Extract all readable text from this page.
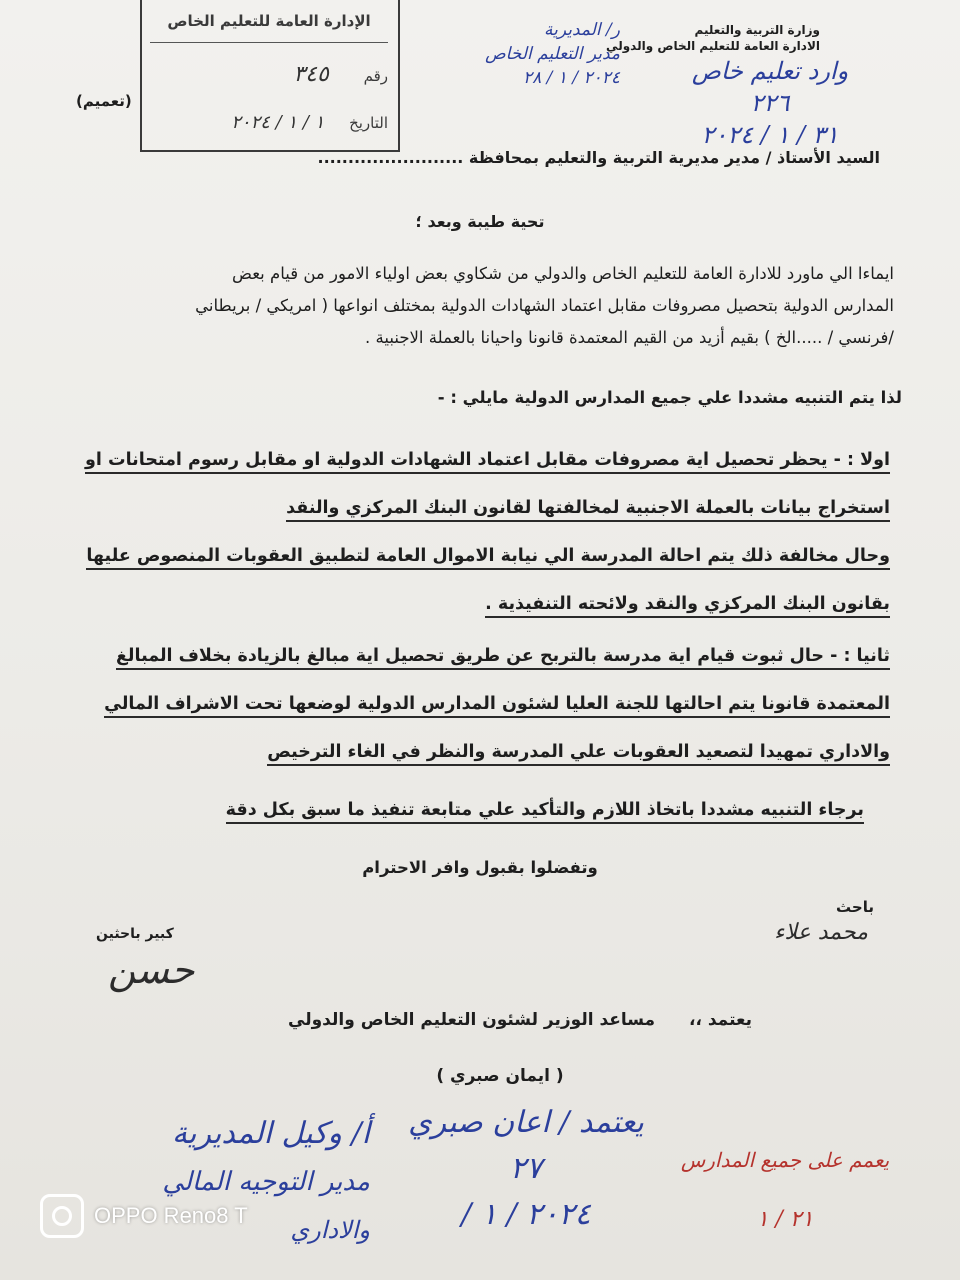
الإدارة العامة للتعليم الخاص
رقم ٣٤٥
التاريخ ١ / ١ / ٢٠٢٤
وزارة التربية والتعليم
الادارة العامة للتعليم الخاص والدولي
(تعميم)
ر/ المديرية
مدير التعليم الخاص
٢٠٢٤ / ١ / ٢٨	وارد تعليم خاص
٢٢٦
٣١ / ١ / ٢٠٢٤
السيد الأستاذ / مدير مديرية التربية والتعليم بمحافظة ........................
تحية طيبة وبعد ؛
ايماءا الي ماورد للادارة العامة للتعليم الخاص والدولي من شكاوي بعض اولياء الامور من قيام بعض
المدارس الدولية بتحصيل مصروفات مقابل اعتماد الشهادات الدولية بمختلف انواعها ( امريكي / بريطاني
/فرنسي / .....الخ ) بقيم أزيد من القيم المعتمدة قانونا واحيانا بالعملة الاجنبية .
لذا يتم التنبيه مشددا علي جميع المدارس الدولية مايلي : -
اولا : - يحظر تحصيل اية مصروفات مقابل اعتماد الشهادات الدولية او مقابل رسوم امتحانات او
استخراج بيانات بالعملة الاجنبية لمخالفتها لقانون البنك المركزي والنقد
وحال مخالفة ذلك يتم احالة المدرسة الي نيابة الاموال العامة لتطبيق العقوبات المنصوص عليها
بقانون البنك المركزي والنقد ولائحته التنفيذية .
ثانيا : - حال ثبوت قيام اية مدرسة بالتربح عن طريق تحصيل اية مبالغ بالزيادة بخلاف المبالغ
المعتمدة قانونا يتم احالتها للجنة العليا لشئون المدارس الدولية لوضعها تحت الاشراف المالي
والاداري تمهيدا لتصعيد العقوبات علي المدرسة والنظر في الغاء الترخيص
برجاء التنبيه مشددا باتخاذ اللازم والتأكيد علي متابعة تنفيذ ما سبق بكل دقة
وتفضلوا بقبول وافر الاحترام
باحث
محمد علاء
كبير باحثين
حسن
يعتمد ،، مساعد الوزير لشئون التعليم الخاص والدولي
( ايمان صبري )
يعتمد / اعان صبري
٢٧
٢٠٢٤ / ١ /
أ/ وكيل المديرية
مدير التوجيه المالي
والاداري
يعمم على جميع المدارس
٢١ / ١
OPPO Reno8 T
